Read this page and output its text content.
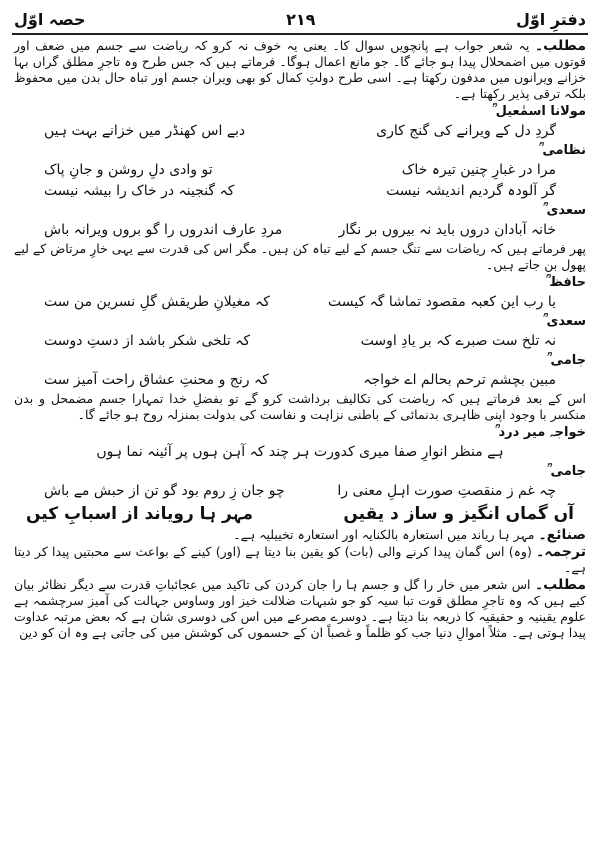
دفترِ اوّل
۲۱۹
حصہ اوّل

مطلب۔ یہ شعر جواب ہے پانچویں سوال کا۔ یعنی یہ خوف نہ کرو کہ ریاضت سے جسم میں ضعف اور قوتوں میں اضمحلال پیدا ہو جائے گا۔ جو مانع اعمال ہوگا۔ فرماتے ہیں کہ جس طرح وہ تاجرِ مطلق گراں بہا خزانے ویرانوں میں مدفون رکھتا ہے۔ اسی طرح دولتِ کمال کو بھی ویران جسم اور تباہ حال بدن میں محفوظ بلکہ ترقی پذیر رکھتا ہے۔

مولانا اسمٰعیل ؒ
گردِ دل کے ویرانے کی گنج کاری
دبے اس کھنڈر میں خزانے بہت ہیں
نظامی ؒ
مرا در غبارِ چنین تیرہ خاک
تو وادی دلِ روشن و جانِ پاک
گر آلودہ گردیم اندیشہ نیست
کہ گنجینہ در خاک را بیشہ نیست
سعدی ؒ
خانہ آبادان دروں باید نہ بیروں بر نگار
مردِ عارف اندروں را گو بروں ویرانہ باش

پھر فرماتے ہیں کہ ریاضات سے تنگ جسم کے لیے تباہ کن ہیں۔ مگر اس کی قدرت سے یہی خارِ مرتاض کے لیے پھول بن جاتے ہیں۔

حافظ ؒ
یا رب این کعبہ مقصود تماشا گہ کیست
کہ مغیلانِ طریقش گلِ نسرین من ست
سعدی ؒ
نہ تلخ ست صبرے کہ بر یادِ اوست
کہ تلخی شکر باشد از دستِ دوست
جامی ؒ
مبین بچشم ترحم بحالم اے خواجہ
کہ رنج و محنتِ عشاق راحت آمیز ست

اس کے بعد فرماتے ہیں کہ ریاضت کی تکالیف برداشت کرو گے تو بفضلِ خدا تمہارا جسم مضمحل و بدن منکسر با وجود اپنی ظاہری بدنمائی کے باطنی نزاہت و نفاست کی بدولت بمنزلہ روح ہو جائے گا۔

خواجہ میر درد ؒ
ہے منظر انوارِ صفا میری کدورت ہر چند کہ آہن ہوں پر آئینہ نما ہوں
جامی ؒ
چہ غم ز منقصتِ صورت اہلِ معنی را
چو جان زِ روم بود گو تن از حبش مے باش
آں گماں انگیز و ساز د یقیں
مہر ہا رویاند از اسبابِ کیں

صنائع۔ مہر ہا ریاند میں استعارہ بالکنایہ اور استعارہ تخییلیہ ہے۔

ترجمہ۔ (وہ) اس گمان پیدا کرنے والی (بات) کو یقین بنا دیتا ہے (اور) کینے کے بواعث سے محبتیں پیدا کر دیتا ہے۔

مطلب۔ اس شعر میں خار را گل و جسم ہا را جان کردن کی تاکید میں عجائباتِ قدرت سے دیگر نظائر بیان کیے ہیں کہ وہ تاجرِ مطلق قوت تبا سیہ کو جو شبہات ضلالت خیز اور وساوس جہالت کی آمیز سرچشمہ ہے علوم یقینیہ و حقیقیہ کا ذریعہ بنا دیتا ہے۔ دوسرے مصرعے میں اس کی دوسری شان ہے کہ بعض مرتبہ عداوت پیدا ہوتی ہے۔ مثلاً اموالِ دنیا جب کو ظلماً و غصباً ان کے حسموں کی کوشش میں کی جاتی ہے وہ ان کو دین
